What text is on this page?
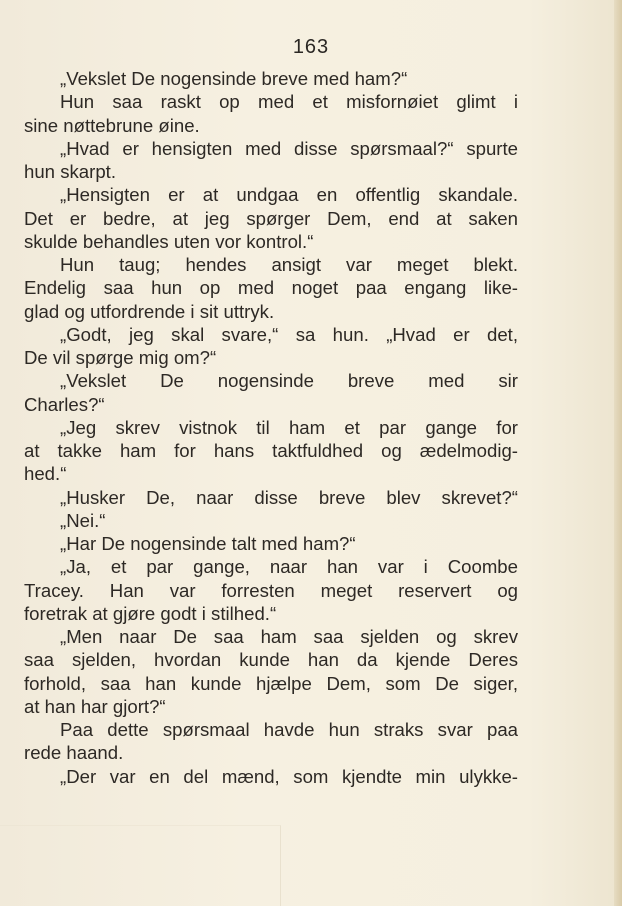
163
„Vekslet De nogensinde breve med ham?“
Hun saa raskt op med et misfornøiet glimt i
sine nøttebrune øine.
„Hvad er hensigten med disse spørsmaal?“ spurte
hun skarpt.
„Hensigten er at undgaa en offentlig skandale.
Det er bedre, at jeg spørger Dem, end at saken
skulde behandles uten vor kontrol.“
Hun taug; hendes ansigt var meget blekt.
Endelig saa hun op med noget paa engang like-
glad og utfordrende i sit uttryk.
„Godt, jeg skal svare,“ sa hun. „Hvad er det,
De vil spørge mig om?“
„Vekslet De nogensinde breve med sir
Charles?“
„Jeg skrev vistnok til ham et par gange for
at takke ham for hans taktfuldhed og ædelmodig-
hed.“
„Husker De, naar disse breve blev skrevet?“
„Nei.“
„Har De nogensinde talt med ham?“
„Ja, et par gange, naar han var i Coombe
Tracey. Han var forresten meget reservert og
foretrak at gjøre godt i stilhed.“
„Men naar De saa ham saa sjelden og skrev
saa sjelden, hvordan kunde han da kjende Deres
forhold, saa han kunde hjælpe Dem, som De siger,
at han har gjort?“
Paa dette spørsmaal havde hun straks svar paa
rede haand.
„Der var en del mænd, som kjendte min ulykke-
